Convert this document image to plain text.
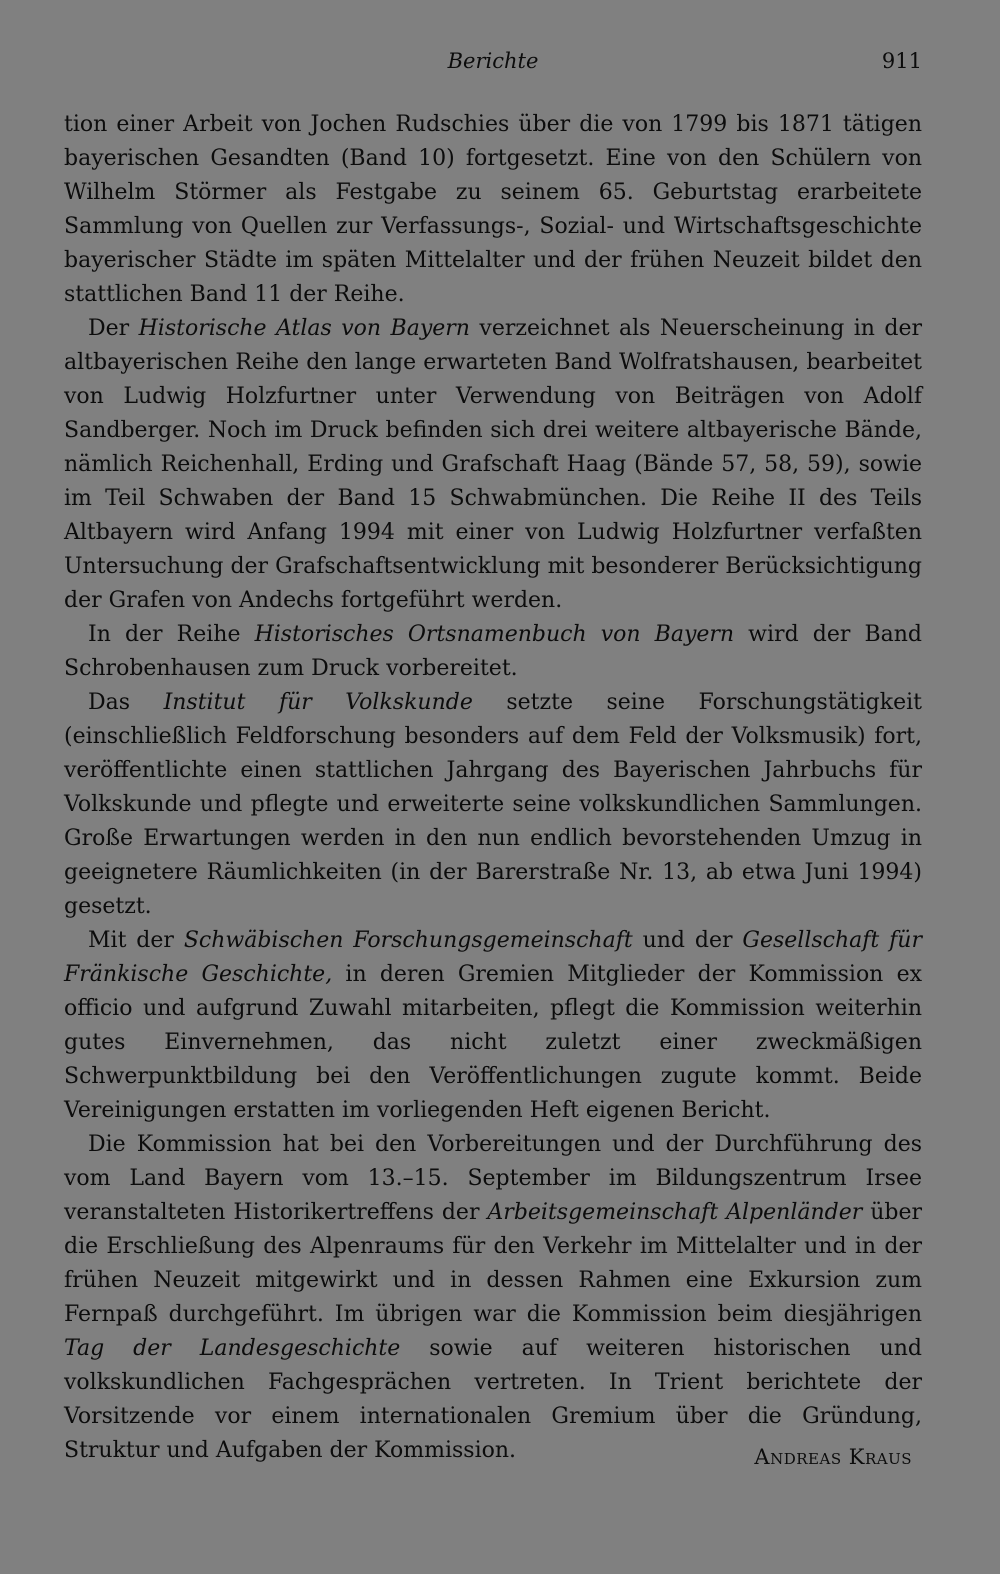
Berichte	911

tion einer Arbeit von Jochen Rudschies über die von 1799 bis 1871 tätigen bayerischen Gesandten (Band 10) fortgesetzt. Eine von den Schülern von Wilhelm Störmer als Festgabe zu seinem 65. Geburtstag erarbeitete Sammlung von Quellen zur Verfassungs-, Sozial- und Wirtschaftsgeschichte bayerischer Städte im späten Mittelalter und der frühen Neuzeit bildet den stattlichen Band 11 der Reihe.

Der Historische Atlas von Bayern verzeichnet als Neuerscheinung in der altbayerischen Reihe den lange erwarteten Band Wolfratshausen, bearbeitet von Ludwig Holzfurtner unter Verwendung von Beiträgen von Adolf Sandberger. Noch im Druck befinden sich drei weitere altbayerische Bände, nämlich Reichenhall, Erding und Grafschaft Haag (Bände 57, 58, 59), sowie im Teil Schwaben der Band 15 Schwabmünchen. Die Reihe II des Teils Altbayern wird Anfang 1994 mit einer von Ludwig Holzfurtner verfaßten Untersuchung der Grafschaftsentwicklung mit besonderer Berücksichtigung der Grafen von Andechs fortgeführt werden.

In der Reihe Historisches Ortsnamenbuch von Bayern wird der Band Schrobenhausen zum Druck vorbereitet.

Das Institut für Volkskunde setzte seine Forschungstätigkeit (einschließlich Feldforschung besonders auf dem Feld der Volksmusik) fort, veröffentlichte einen stattlichen Jahrgang des Bayerischen Jahrbuchs für Volkskunde und pflegte und erweiterte seine volkskundlichen Sammlungen. Große Erwartungen werden in den nun endlich bevorstehenden Umzug in geeignetere Räumlichkeiten (in der Barerstraße Nr. 13, ab etwa Juni 1994) gesetzt.

Mit der Schwäbischen Forschungsgemeinschaft und der Gesellschaft für Fränkische Geschichte, in deren Gremien Mitglieder der Kommission ex officio und aufgrund Zuwahl mitarbeiten, pflegt die Kommission weiterhin gutes Einvernehmen, das nicht zuletzt einer zweckmäßigen Schwerpunktbildung bei den Veröffentlichungen zugute kommt. Beide Vereinigungen erstatten im vorliegenden Heft eigenen Bericht.

Die Kommission hat bei den Vorbereitungen und der Durchführung des vom Land Bayern vom 13.–15. September im Bildungszentrum Irsee veranstalteten Historikertreffens der Arbeitsgemeinschaft Alpenländer über die Erschließung des Alpenraums für den Verkehr im Mittelalter und in der frühen Neuzeit mitgewirkt und in dessen Rahmen eine Exkursion zum Fernpaß durchgeführt. Im übrigen war die Kommission beim diesjährigen Tag der Landesgeschichte sowie auf weiteren historischen und volkskundlichen Fachgesprächen vertreten. In Trient berichtete der Vorsitzende vor einem internationalen Gremium über die Gründung, Struktur und Aufgaben der Kommission.	Andreas Kraus
